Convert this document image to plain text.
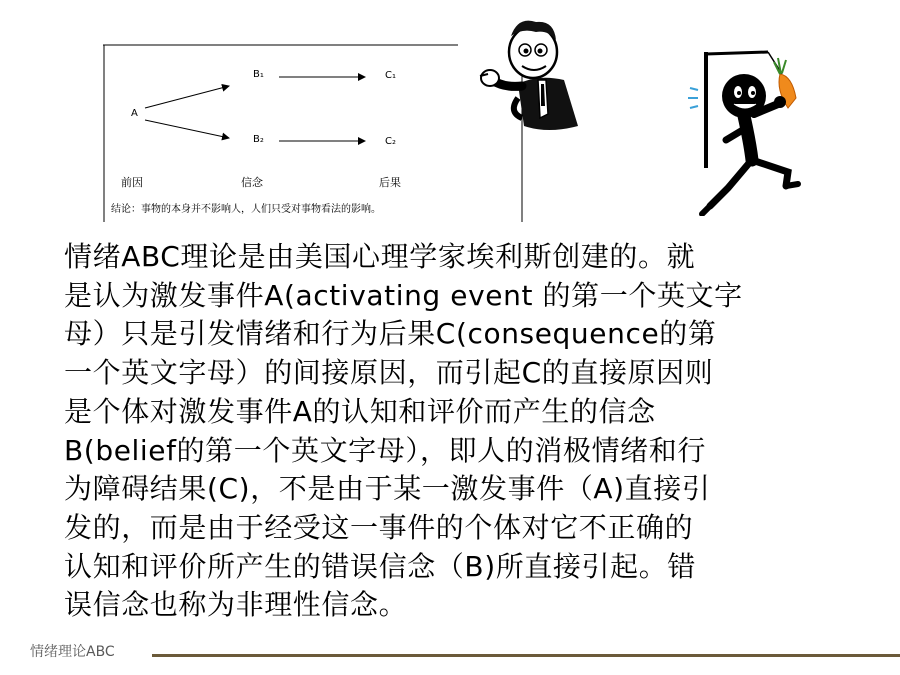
A
B₁
B₂
C₁
C₂
前因	信念	后果
结论：事物的本身并不影响人，人们只受对事物看法的影响。
情绪ABC理论是由美国心理学家埃利斯创建的。就
是认为激发事件A(activating event 的第一个英文字
母）只是引发情绪和行为后果C(consequence的第
一个英文字母）的间接原因，而引起C的直接原因则
是个体对激发事件A的认知和评价而产生的信念
B(belief的第一个英文字母），即人的消极情绪和行
为障碍结果(C)，不是由于某一激发事件（A)直接引
发的，而是由于经受这一事件的个体对它不正确的
认知和评价所产生的错误信念（B)所直接引起。错
误信念也称为非理性信念。
情绪理论ABC
